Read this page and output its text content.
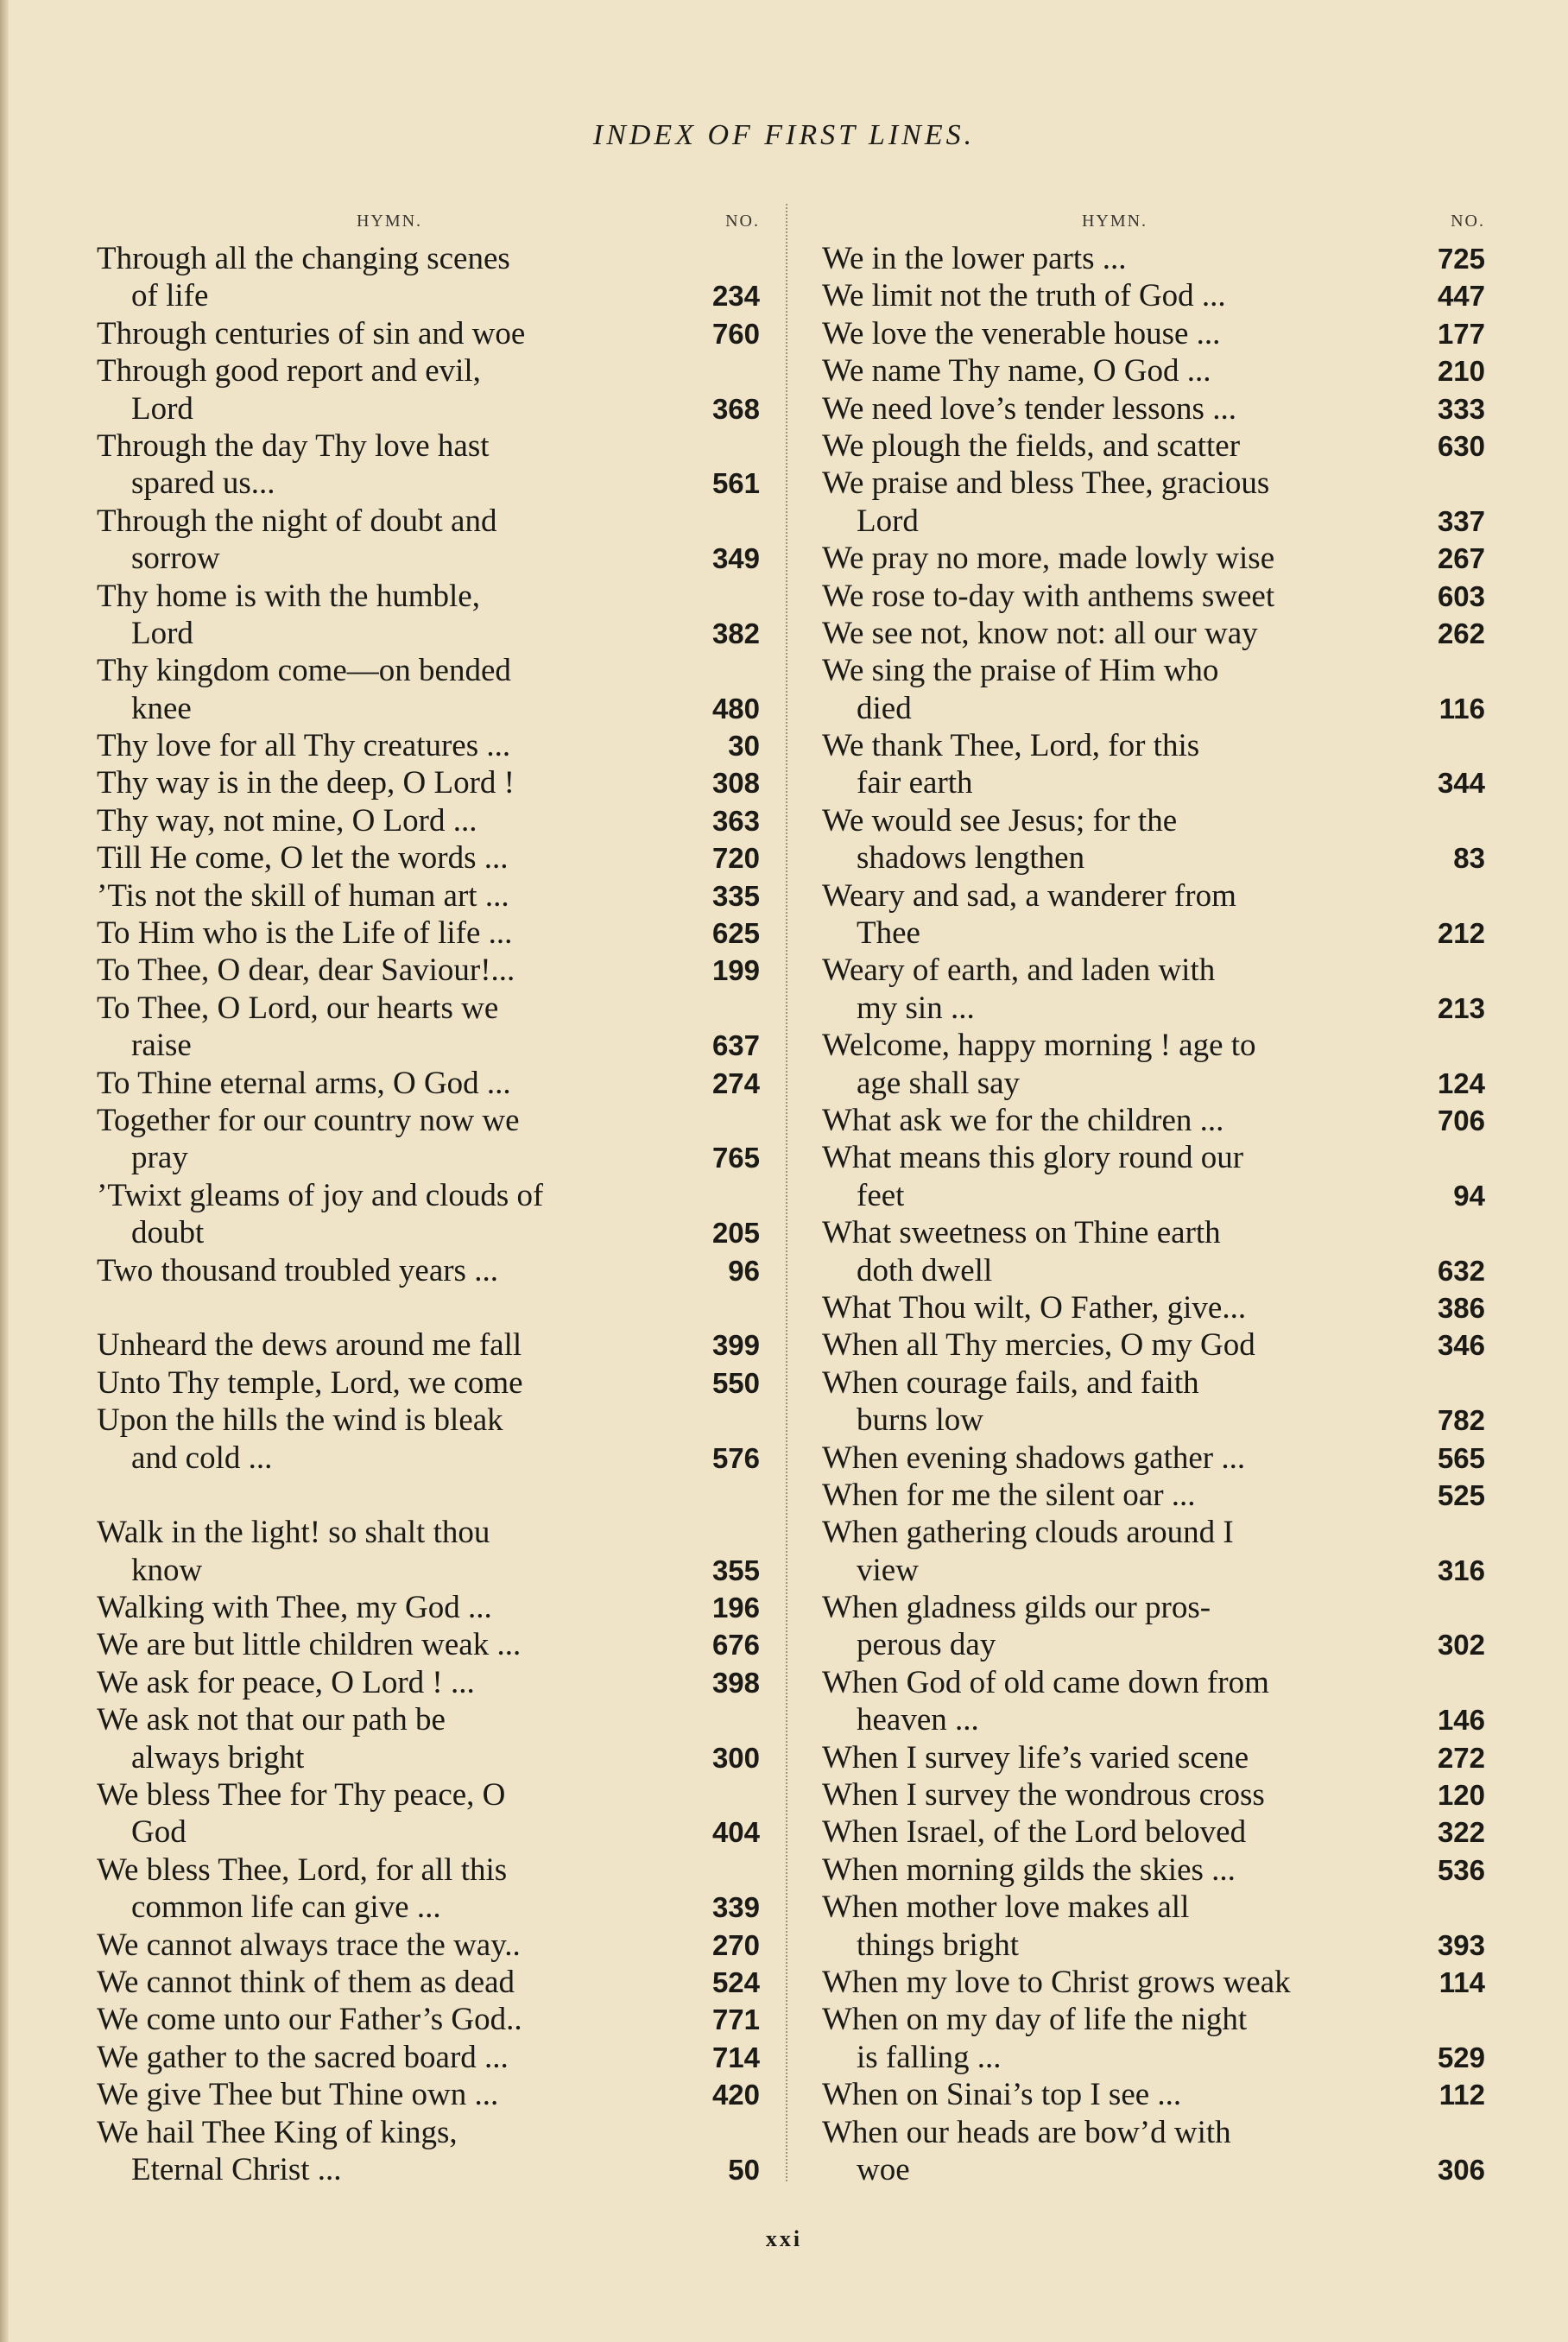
INDEX OF FIRST LINES.
HYMN.	NO.
Through all the changing scenes
of life	234
Through centuries of sin and woe	760
Through good report and evil,
Lord	368
Through the day Thy love hast
spared us...	561
Through the night of doubt and
sorrow	349
Thy home is with the humble,
Lord	382
Thy kingdom come—on bended
knee	480
Thy love for all Thy creatures ...	30
Thy way is in the deep, O Lord !	308
Thy way, not mine, O Lord ...	363
Till He come, O let the words ...	720
’Tis not the skill of human art ...	335
To Him who is the Life of life ...	625
To Thee, O dear, dear Saviour!...	199
To Thee, O Lord, our hearts we
raise	637
To Thine eternal arms, O God ...	274
Together for our country now we
pray	765
’Twixt gleams of joy and clouds of
doubt	205
Two thousand troubled years ...	96
Unheard the dews around me fall	399
Unto Thy temple, Lord, we come	550
Upon the hills the wind is bleak
and cold ...	576
Walk in the light! so shalt thou
know	355
Walking with Thee, my God ...	196
We are but little children weak ...	676
We ask for peace, O Lord ! ...	398
We ask not that our path be
always bright	300
We bless Thee for Thy peace, O
God	404
We bless Thee, Lord, for all this
common life can give ...	339
We cannot always trace the way..	270
We cannot think of them as dead	524
We come unto our Father’s God..	771
We gather to the sacred board ...	714
We give Thee but Thine own ...	420
We hail Thee King of kings,
Eternal Christ ...	50
HYMN.	NO.
We in the lower parts ...	725
We limit not the truth of God ...	447
We love the venerable house ...	177
We name Thy name, O God ...	210
We need love’s tender lessons ...	333
We plough the fields, and scatter	630
We praise and bless Thee, gracious
Lord	337
We pray no more, made lowly wise	267
We rose to-day with anthems sweet	603
We see not, know not: all our way	262
We sing the praise of Him who
died	116
We thank Thee, Lord, for this
fair earth	344
We would see Jesus; for the
shadows lengthen	83
Weary and sad, a wanderer from
Thee	212
Weary of earth, and laden with
my sin ...	213
Welcome, happy morning ! age to
age shall say	124
What ask we for the children ...	706
What means this glory round our
feet	94
What sweetness on Thine earth
doth dwell	632
What Thou wilt, O Father, give...	386
When all Thy mercies, O my God	346
When courage fails, and faith
burns low	782
When evening shadows gather ...	565
When for me the silent oar ...	525
When gathering clouds around I
view	316
When gladness gilds our pros-
perous day	302
When God of old came down from
heaven ...	146
When I survey life’s varied scene	272
When I survey the wondrous cross	120
When Israel, of the Lord beloved	322
When morning gilds the skies ...	536
When mother love makes all
things bright	393
When my love to Christ grows weak	114
When on my day of life the night
is falling ...	529
When on Sinai’s top I see ...	112
When our heads are bow’d with
woe	306
xxi
